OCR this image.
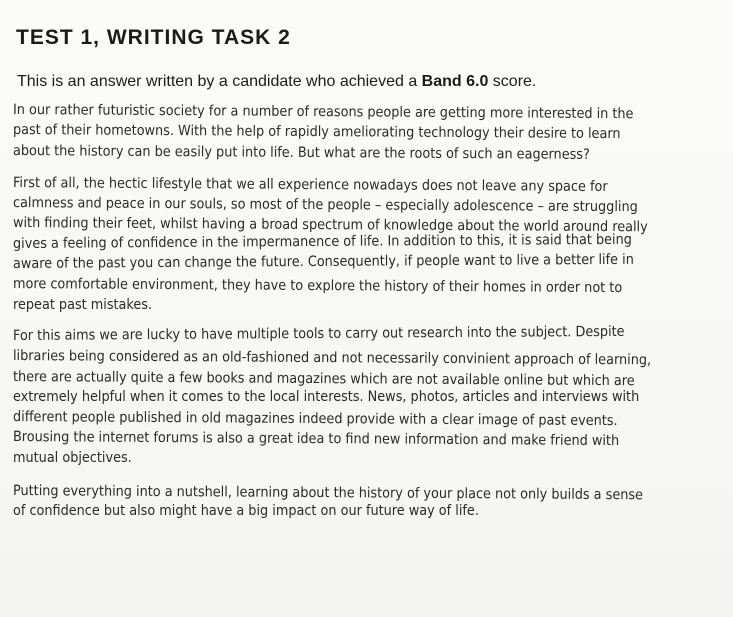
TEST 1, WRITING TASK 2

This is an answer written by a candidate who achieved a Band 6.0 score.

In our rather futuristic society for a number of reasons people are getting more interested in the
past of their hometowns. With the help of rapidly ameliorating technology their desire to learn
about the history can be easily put into life. But what are the roots of such an eagerness?
First of all, the hectic lifestyle that we all experience nowadays does not leave any space for
calmness and peace in our souls, so most of the people – especially adolescence – are struggling
with finding their feet, whilst having a broad spectrum of knowledge about the world around really
gives a feeling of confidence in the impermanence of life. In addition to this, it is said that being
aware of the past you can change the future. Consequently, if people want to live a better life in
more comfortable environment, they have to explore the history of their homes in order not to
repeat past mistakes.
For this aims we are lucky to have multiple tools to carry out research into the subject. Despite
libraries being considered as an old-fashioned and not necessarily convinient approach of learning,
there are actually quite a few books and magazines which are not available online but which are
extremely helpful when it comes to the local interests. News, photos, articles and interviews with
different people published in old magazines indeed provide with a clear image of past events.
Brousing the internet forums is also a great idea to find new information and make friend with
mutual objectives.
Putting everything into a nutshell, learning about the history of your place not only builds a sense
of confidence but also might have a big impact on our future way of life.
